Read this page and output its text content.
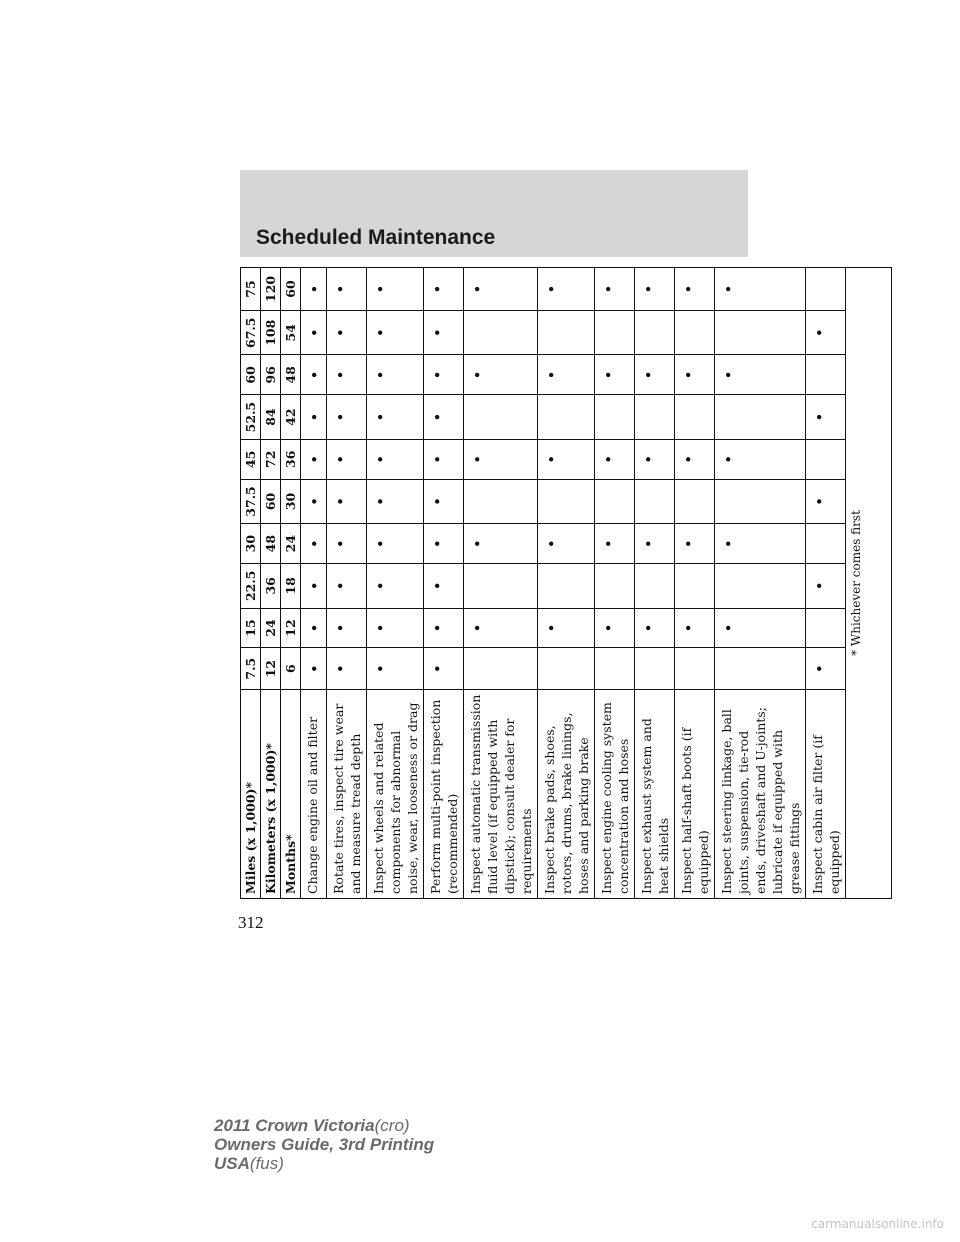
Scheduled Maintenance
Miles (x 1,000)*	7.5	15	22.5	30	37.5	45	52.5	60	67.5	75
Kilometers (x 1,000)*	12	24	36	48	60	72	84	96	108	120
Months*	6	12	18	24	30	36	42	48	54	60
Change engine oil and filter	•	•	•	•	•	•	•	•	•	•
Rotate tires, inspect tire wear and measure tread depth	•	•	•	•	•	•	•	•	•	•
Inspect wheels and related components for abnormal noise, wear, looseness or drag	•	•	•	•	•	•	•	•	•	•
Perform multi-point inspection (recommended)	•	•	•	•	•	•	•	•	•	•
Inspect automatic transmission fluid level (if equipped with dipstick); consult dealer for requirements		•		•		•		•		•
Inspect brake pads, shoes, rotors, drums, brake linings, hoses and parking brake		•		•		•		•		•
Inspect engine cooling system concentration and hoses		•		•		•		•		•
Inspect exhaust system and heat shields		•		•		•		•		•
Inspect half-shaft boots (if equipped)		•		•		•		•		•
Inspect steering linkage, ball joints, suspension, tie-rod ends, driveshaft and U-joints; lubricate if equipped with grease fittings		•		•		•		•		•
Inspect cabin air filter (if equipped)	•		•		•		•		•	
* Whichever comes first
312
2011 Crown Victoria(cro)
Owners Guide, 3rd Printing
USA(fus)
carmanualsonline.info
